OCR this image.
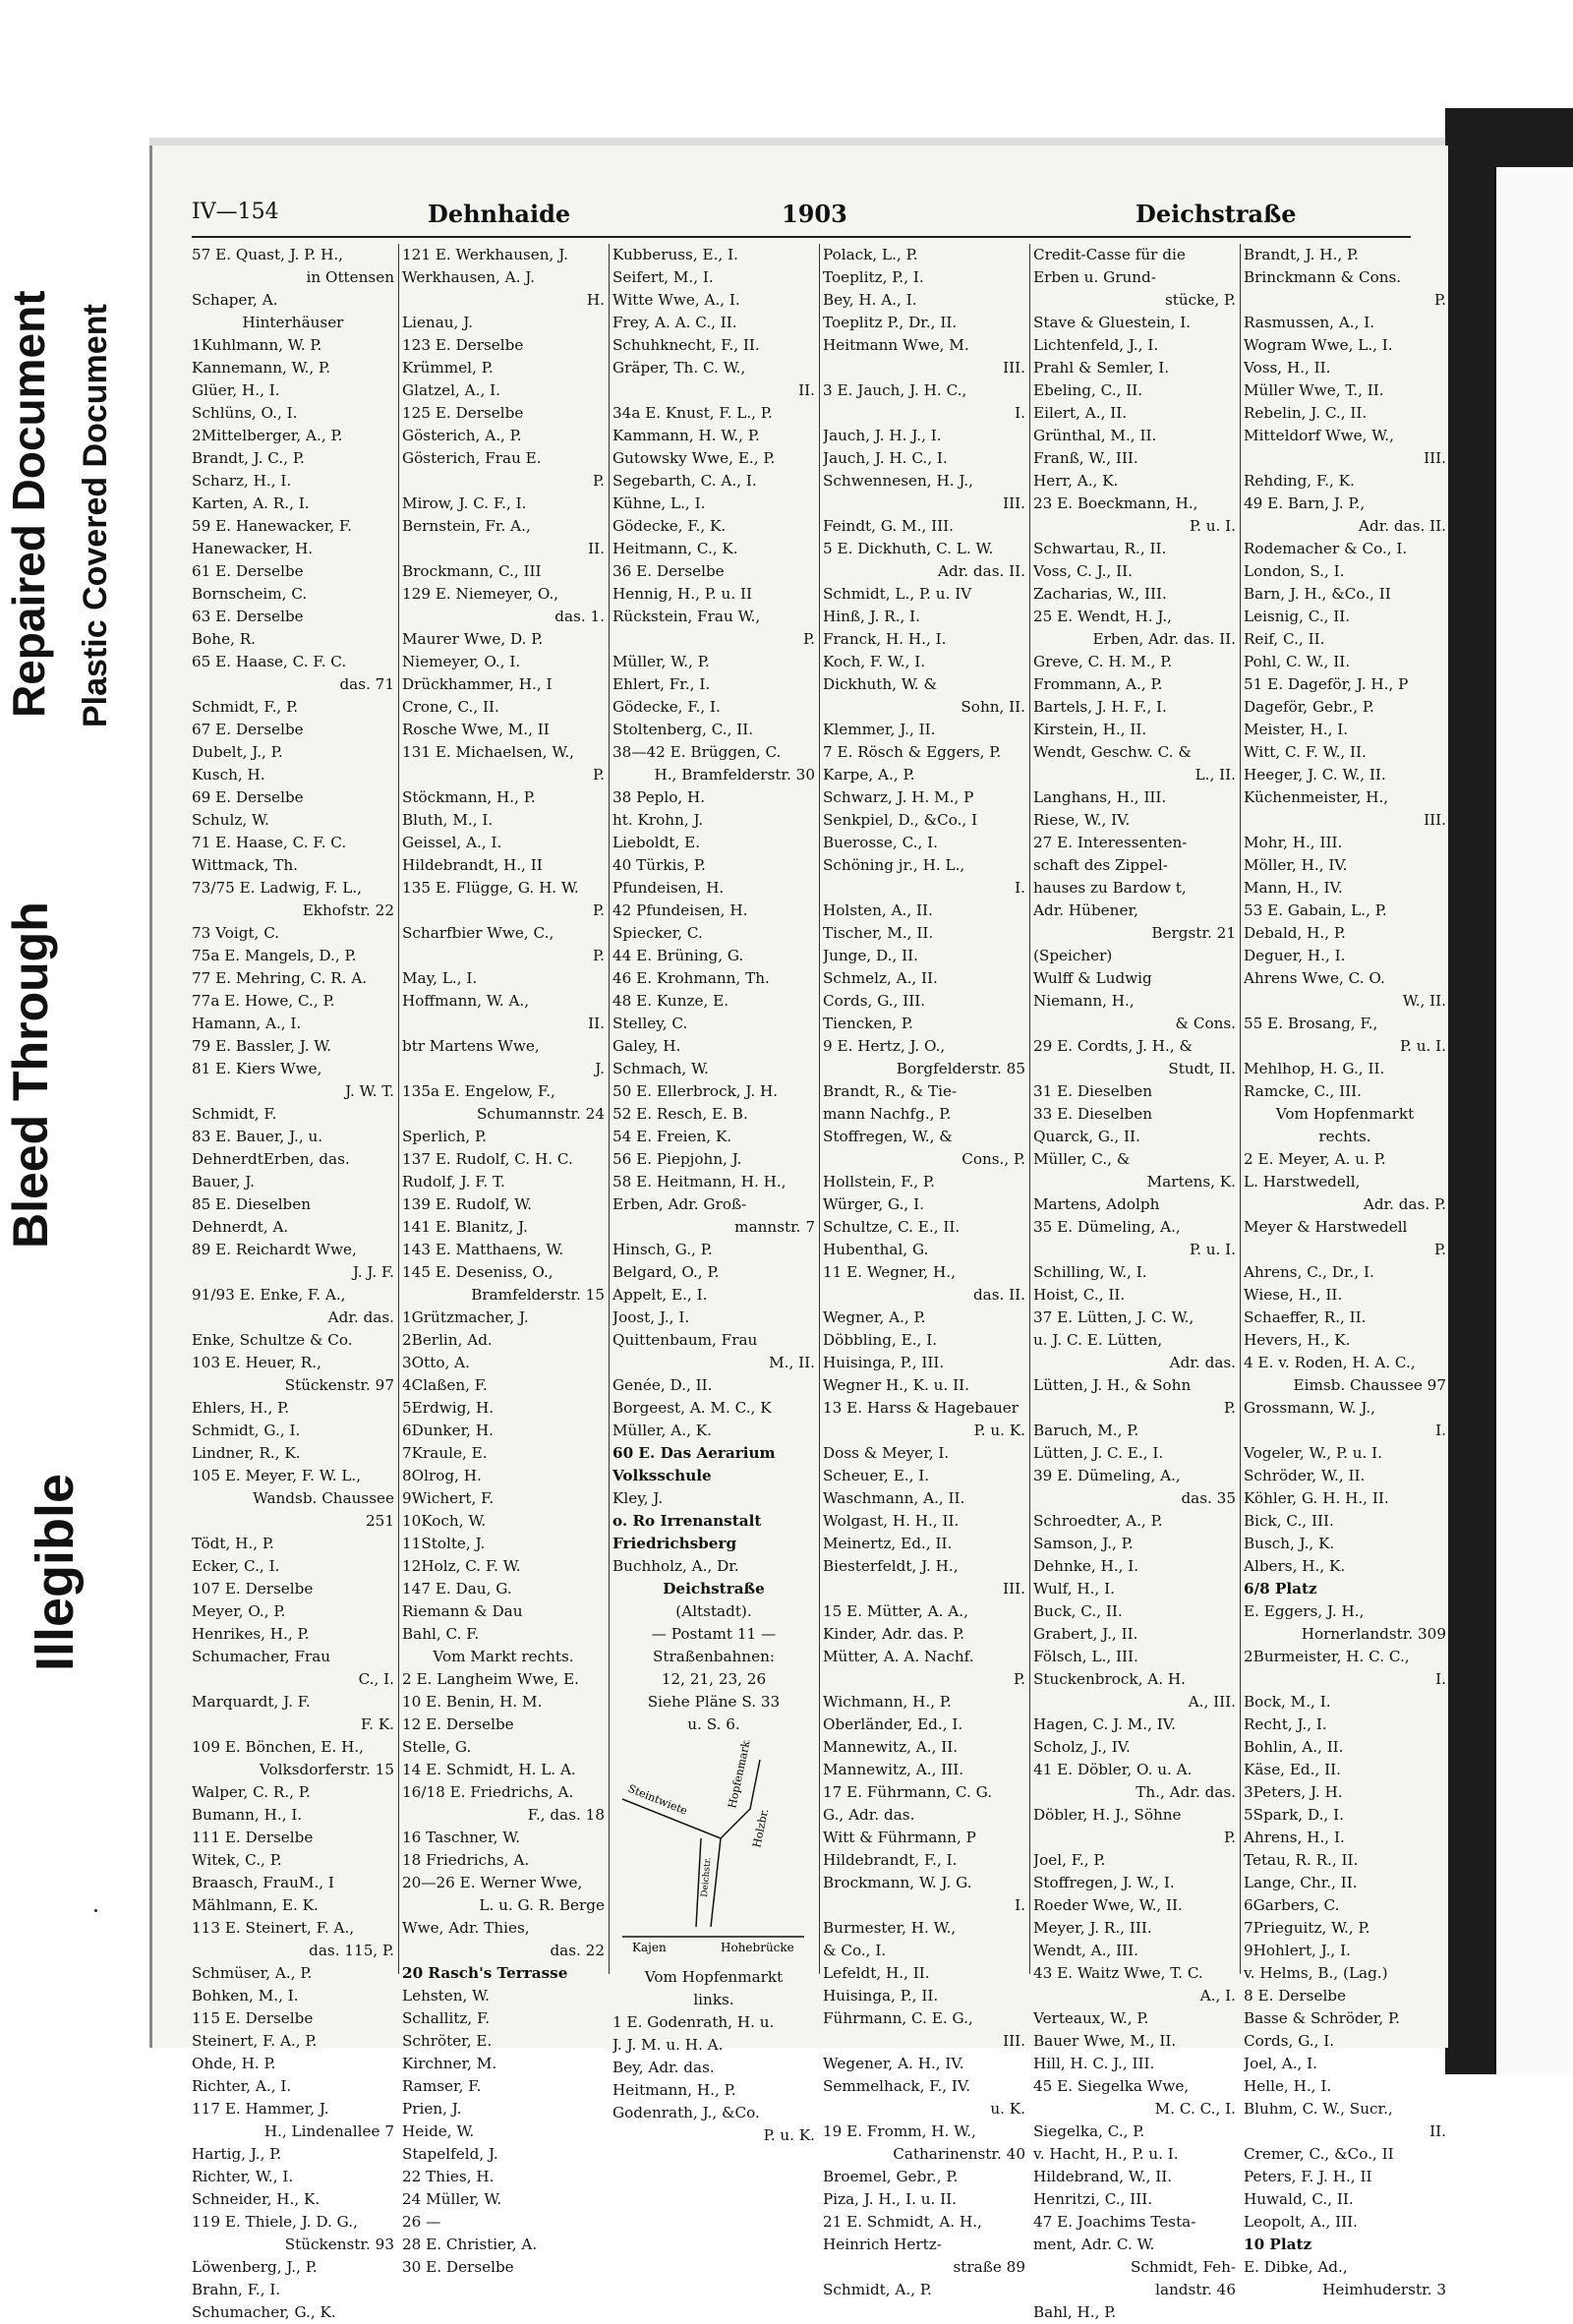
Illegible
Bleed Through
Repaired Document Plastic Covered Document
IV—154	Dehnhaide	1903	Deichstraße
57 E. Quast, J. P. H.,
in Ottensen
Schaper, A.
Hinterhäuser
1Kuhlmann, W. P.
Kannemann, W., P.
Glüer, H., I.
Schlüns, O., I.
2Mittelberger, A., P.
Brandt, J. C., P.
Scharz, H., I.
Karten, A. R., I.
59 E. Hanewacker, F.
Hanewacker, H.
61 E. Derselbe
Bornscheim, C.
63 E. Derselbe
Bohe, R.
65 E. Haase, C. F. C.
das. 71
Schmidt, F., P.
67 E. Derselbe
Dubelt, J., P.
Kusch, H.
69 E. Derselbe
Schulz, W.
71 E. Haase, C. F. C.
Wittmack, Th.
73/75 E. Ladwig, F. L.,
Ekhofstr. 22
73 Voigt, C.
75a E. Mangels, D., P.
77 E. Mehring, C. R. A.
77a E. Howe, C., P.
Hamann, A., I.
79 E. Bassler, J. W.
81 E. Kiers Wwe,
J. W. T.
Schmidt, F.
83 E. Bauer, J., u.
DehnerdtErben, das.
Bauer, J.
85 E. Dieselben
Dehnerdt, A.
89 E. Reichardt Wwe,
J. J. F.
91/93 E. Enke, F. A.,
Adr. das.
Enke, Schultze & Co.
103 E. Heuer, R.,
Stückenstr. 97
Ehlers, H., P.
Schmidt, G., I.
Lindner, R., K.
105 E. Meyer, F. W. L.,
Wandsb. Chaussee
251
Tödt, H., P.
Ecker, C., I.
107 E. Derselbe
Meyer, O., P.
Henrikes, H., P.
Schumacher, Frau
C., I.
Marquardt, J. F.
F. K.
109 E. Bönchen, E. H.,
Volksdorferstr. 15
Walper, C. R., P.
Bumann, H., I.
111 E. Derselbe
Witek, C., P.
Braasch, FrauM., I
Mählmann, E. K.
113 E. Steinert, F. A.,
das. 115, P.
Schmüser, A., P.
Bohken, M., I.
115 E. Derselbe
Steinert, F. A., P.
Ohde, H. P.
Richter, A., I.
117 E. Hammer, J.
H., Lindenallee 7
Hartig, J., P.
Richter, W., I.
Schneider, H., K.
119 E. Thiele, J. D. G.,
Stückenstr. 93
Löwenberg, J., P.
Brahn, F., I.
Schumacher, G., K.
121 E. Werkhausen, J.
Werkhausen, A. J.
H.
Lienau, J.
123 E. Derselbe
Krümmel, P.
Glatzel, A., I.
125 E. Derselbe
Gösterich, A., P.
Gösterich, Frau E.
P.
Mirow, J. C. F., I.
Bernstein, Fr. A.,
II.
Brockmann, C., III
129 E. Niemeyer, O.,
das. 1.
Maurer Wwe, D. P.
Niemeyer, O., I.
Drückhammer, H., I
Crone, C., II.
Rosche Wwe, M., II
131 E. Michaelsen, W.,
P.
Stöckmann, H., P.
Bluth, M., I.
Geissel, A., I.
Hildebrandt, H., II
135 E. Flügge, G. H. W.
P.
Scharfbier Wwe, C.,
P.
May, L., I.
Hoffmann, W. A.,
II.
btr Martens Wwe,
J.
135a E. Engelow, F.,
Schumannstr. 24
Sperlich, P.
137 E. Rudolf, C. H. C.
Rudolf, J. F. T.
139 E. Rudolf, W.
141 E. Blanitz, J.
143 E. Matthaens, W.
145 E. Deseniss, O.,
Bramfelderstr. 15
1Grützmacher, J.
2Berlin, Ad.
3Otto, A.
4Claßen, F.
5Erdwig, H.
6Dunker, H.
7Kraule, E.
8Olrog, H.
9Wichert, F.
10Koch, W.
11Stolte, J.
12Holz, C. F. W.
147 E. Dau, G.
Riemann & Dau
Bahl, C. F.
Vom Markt rechts.
2 E. Langheim Wwe, E.
10 E. Benin, H. M.
12 E. Derselbe
Stelle, G.
14 E. Schmidt, H. L. A.
16/18 E. Friedrichs, A.
F., das. 18
16 Taschner, W.
18 Friedrichs, A.
20—26 E. Werner Wwe,
L. u. G. R. Berge
Wwe, Adr. Thies,
das. 22
20 Rasch's Terrasse
Lehsten, W.
Schallitz, F.
Schröter, E.
Kirchner, M.
Ramser, F.
Prien, J.
Heide, W.
Stapelfeld, J.
22 Thies, H.
24 Müller, W.
26 —
28 E. Christier, A.
30 E. Derselbe
Kubberuss, E., I.
Seifert, M., I.
Witte Wwe, A., I.
Frey, A. A. C., II.
Schuhknecht, F., II.
Gräper, Th. C. W.,
II.
34a E. Knust, F. L., P.
Kammann, H. W., P.
Gutowsky Wwe, E., P.
Segebarth, C. A., I.
Kühne, L., I.
Gödecke, F., K.
Heitmann, C., K.
36 E. Derselbe
Hennig, H., P. u. II
Rückstein, Frau W.,
P.
Müller, W., P.
Ehlert, Fr., I.
Gödecke, F., I.
Stoltenberg, C., II.
38—42 E. Brüggen, C.
H., Bramfelderstr. 30
38 Peplo, H.
ht. Krohn, J.
Lieboldt, E.
40 Türkis, P.
Pfundeisen, H.
42 Pfundeisen, H.
Spiecker, C.
44 E. Brüning, G.
46 E. Krohmann, Th.
48 E. Kunze, E.
Stelley, C.
Galey, H.
Schmach, W.
50 E. Ellerbrock, J. H.
52 E. Resch, E. B.
54 E. Freien, K.
56 E. Piepjohn, J.
58 E. Heitmann, H. H.,
Erben, Adr. Groß-
mannstr. 7
Hinsch, G., P.
Belgard, O., P.
Appelt, E., I.
Joost, J., I.
Quittenbaum, Frau
M., II.
Genée, D., II.
Borgeest, A. M. C., K
Müller, A., K.
60 E. Das Aerarium
Volksschule
Kley, J.
o. Ro Irrenanstalt
Friedrichsberg
Buchholz, A., Dr.
Deichstraße
(Altstadt).
— Postamt 11 —
Straßenbahnen:
12, 21, 23, 26
Siehe Pläne S. 33
u. S. 6.
Steintwiete	Hopfenmarkt
Holzbr.
Deichstr.
Kajen	Hohebrücke
Vom Hopfenmarkt
links.
1 E. Godenrath, H. u.
J. J. M. u. H. A.
Bey, Adr. das.
Heitmann, H., P.
Godenrath, J., &Co.
P. u. K.
Polack, L., P.
Toeplitz, P., I.
Bey, H. A., I.
Toeplitz P., Dr., II.
Heitmann Wwe, M.
III.
3 E. Jauch, J. H. C.,
I.
Jauch, J. H. J., I.
Jauch, J. H. C., I.
Schwennesen, H. J.,
III.
Feindt, G. M., III.
5 E. Dickhuth, C. L. W.
Adr. das. II.
Schmidt, L., P. u. IV
Hinß, J. R., I.
Franck, H. H., I.
Koch, F. W., I.
Dickhuth, W. &
Sohn, II.
Klemmer, J., II.
7 E. Rösch & Eggers, P.
Karpe, A., P.
Schwarz, J. H. M., P
Senkpiel, D., &Co., I
Buerosse, C., I.
Schöning jr., H. L.,
I.
Holsten, A., II.
Tischer, M., II.
Junge, D., II.
Schmelz, A., II.
Cords, G., III.
Tiencken, P.
9 E. Hertz, J. O.,
Borgfelderstr. 85
Brandt, R., & Tie-
mann Nachfg., P.
Stoffregen, W., &
Cons., P.
Hollstein, F., P.
Würger, G., I.
Schultze, C. E., II.
Hubenthal, G.
11 E. Wegner, H.,
das. II.
Wegner, A., P.
Döbbling, E., I.
Huisinga, P., III.
Wegner H., K. u. II.
13 E. Harss & Hagebauer
P. u. K.
Doss & Meyer, I.
Scheuer, E., I.
Waschmann, A., II.
Wolgast, H. H., II.
Meinertz, Ed., II.
Biesterfeldt, J. H.,
III.
15 E. Mütter, A. A.,
Kinder, Adr. das. P.
Mütter, A. A. Nachf.
P.
Wichmann, H., P.
Oberländer, Ed., I.
Mannewitz, A., II.
Mannewitz, A., III.
17 E. Führmann, C. G.
G., Adr. das.
Witt & Führmann, P
Hildebrandt, F., I.
Brockmann, W. J. G.
I.
Burmester, H. W.,
& Co., I.
Lefeldt, H., II.
Huisinga, P., II.
Führmann, C. E. G.,
III.
Wegener, A. H., IV.
Semmelhack, F., IV.
u. K.
19 E. Fromm, H. W.,
Catharinenstr. 40
Broemel, Gebr., P.
Piza, J. H., I. u. II.
21 E. Schmidt, A. H.,
Heinrich Hertz-
straße 89
Schmidt, A., P.
Credit-Casse für die
Erben u. Grund-
stücke, P.
Stave & Gluestein, I.
Lichtenfeld, J., I.
Prahl & Semler, I.
Ebeling, C., II.
Eilert, A., II.
Grünthal, M., II.
Franß, W., III.
Herr, A., K.
23 E. Boeckmann, H.,
P. u. I.
Schwartau, R., II.
Voss, C. J., II.
Zacharias, W., III.
25 E. Wendt, H. J.,
Erben, Adr. das. II.
Greve, C. H. M., P.
Frommann, A., P.
Bartels, J. H. F., I.
Kirstein, H., II.
Wendt, Geschw. C. &
L., II.
Langhans, H., III.
Riese, W., IV.
27 E. Interessenten-
schaft des Zippel-
hauses zu Bardow t,
Adr. Hübener,
Bergstr. 21
(Speicher)
Wulff & Ludwig
Niemann, H.,
& Cons.
29 E. Cordts, J. H., &
Studt, II.
31 E. Dieselben
33 E. Dieselben
Quarck, G., II.
Müller, C., &
Martens, K.
Martens, Adolph
35 E. Dümeling, A.,
P. u. I.
Schilling, W., I.
Hoist, C., II.
37 E. Lütten, J. C. W.,
u. J. C. E. Lütten,
Adr. das.
Lütten, J. H., & Sohn
P.
Baruch, M., P.
Lütten, J. C. E., I.
39 E. Dümeling, A.,
das. 35
Schroedter, A., P.
Samson, J., P.
Dehnke, H., I.
Wulf, H., I.
Buck, C., II.
Grabert, J., II.
Fölsch, L., III.
Stuckenbrock, A. H.
A., III.
Hagen, C. J. M., IV.
Scholz, J., IV.
41 E. Döbler, O. u. A.
Th., Adr. das.
Döbler, H. J., Söhne
P.
Joel, F., P.
Stoffregen, J. W., I.
Roeder Wwe, W., II.
Meyer, J. R., III.
Wendt, A., III.
43 E. Waitz Wwe, T. C.
A., I.
Verteaux, W., P.
Bauer Wwe, M., II.
Hill, H. C. J., III.
45 E. Siegelka Wwe,
M. C. C., I.
Siegelka, C., P.
v. Hacht, H., P. u. I.
Hildebrand, W., II.
Henritzi, C., III.
47 E. Joachims Testa-
ment, Adr. C. W.
Schmidt, Feh-
landstr. 46
Bahl, H., P.
Brandt, J. H., P.
Brinckmann & Cons.
P.
Rasmussen, A., I.
Wogram Wwe, L., I.
Voss, H., II.
Müller Wwe, T., II.
Rebelin, J. C., II.
Mitteldorf Wwe, W.,
III.
Rehding, F., K.
49 E. Barn, J. P.,
Adr. das. II.
Rodemacher & Co., I.
London, S., I.
Barn, J. H., &Co., II
Leisnig, C., II.
Reif, C., II.
Pohl, C. W., II.
51 E. Dageför, J. H., P
Dageför, Gebr., P.
Meister, H., I.
Witt, C. F. W., II.
Heeger, J. C. W., II.
Küchenmeister, H.,
III.
Mohr, H., III.
Möller, H., IV.
Mann, H., IV.
53 E. Gabain, L., P.
Debald, H., P.
Deguer, H., I.
Ahrens Wwe, C. O.
W., II.
55 E. Brosang, F.,
P. u. I.
Mehlhop, H. G., II.
Ramcke, C., III.
Vom Hopfenmarkt
rechts.
2 E. Meyer, A. u. P.
L. Harstwedell,
Adr. das. P.
Meyer & Harstwedell
P.
Ahrens, C., Dr., I.
Wiese, H., II.
Schaeffer, R., II.
Hevers, H., K.
4 E. v. Roden, H. A. C.,
Eimsb. Chaussee 97
Grossmann, W. J.,
I.
Vogeler, W., P. u. I.
Schröder, W., II.
Köhler, G. H. H., II.
Bick, C., III.
Busch, J., K.
Albers, H., K.
6/8 Platz
E. Eggers, J. H.,
Hornerlandstr. 309
2Burmeister, H. C. C.,
I.
Bock, M., I.
Recht, J., I.
Bohlin, A., II.
Käse, Ed., II.
3Peters, J. H.
5Spark, D., I.
Ahrens, H., I.
Tetau, R. R., II.
Lange, Chr., II.
6Garbers, C.
7Prieguitz, W., P.
9Hohlert, J., I.
v. Helms, B., (Lag.)
8 E. Derselbe
Basse & Schröder, P.
Cords, G., I.
Joel, A., I.
Helle, H., I.
Bluhm, C. W., Sucr.,
II.
Cremer, C., &Co., II
Peters, F. J. H., II
Huwald, C., II.
Leopolt, A., III.
10 Platz
E. Dibke, Ad.,
Heimhuderstr. 3
